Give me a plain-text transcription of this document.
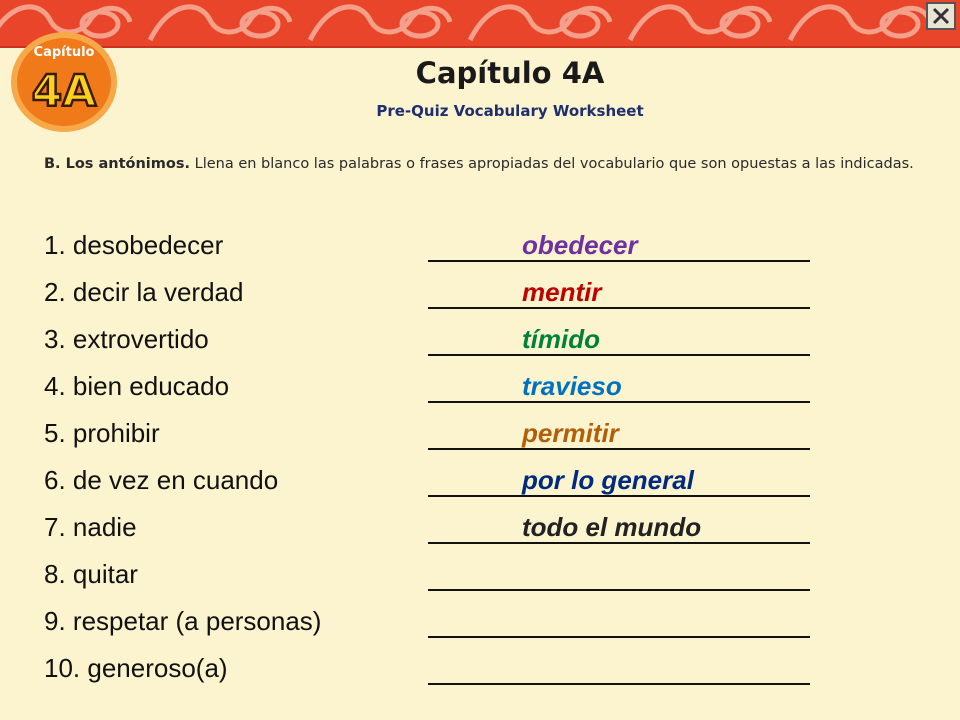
Capítulo
4A	Capítulo 4A
Pre-Quiz Vocabulary Worksheet
B. Los antónimos. Llena en blanco las palabras o frases apropiadas del vocabulario que son opuestas a las indicadas.
1. desobedecer	obedecer
2. decir la verdad	mentir
3. extrovertido	tímido
4. bien educado	travieso
5. prohibir	permitir
6. de vez en cuando	por lo general
7. nadie	todo el mundo
8. quitar
9. respetar (a personas)
10. generoso(a)
